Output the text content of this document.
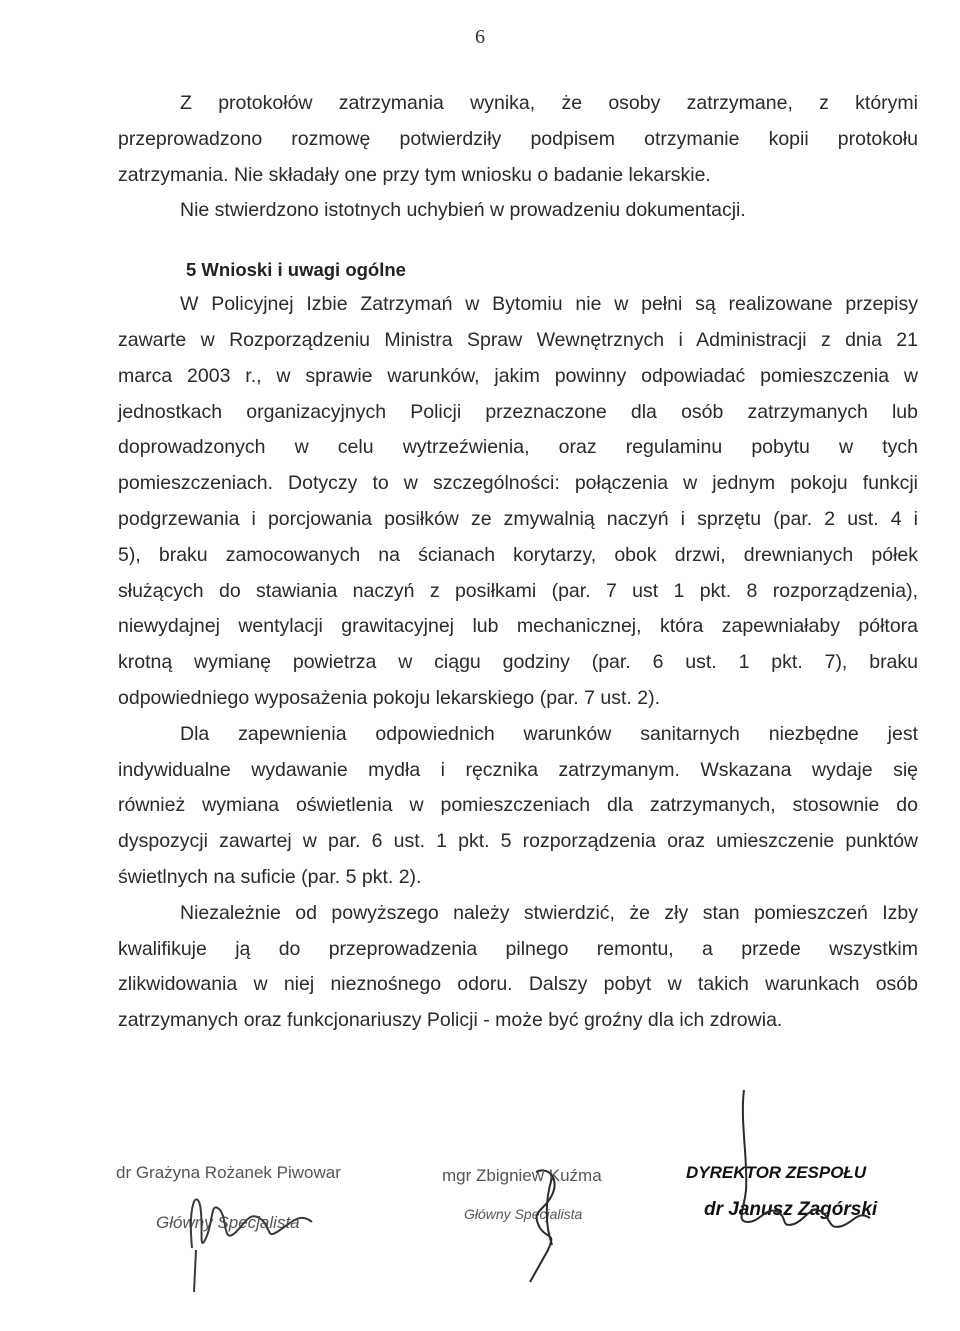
6
Z protokołów zatrzymania wynika, że osoby zatrzymane, z którymi
przeprowadzono rozmowę potwierdziły podpisem otrzymanie kopii protokołu
zatrzymania. Nie składały one przy tym wniosku o badanie lekarskie.
Nie stwierdzono istotnych uchybień w prowadzeniu dokumentacji.
5 Wnioski i uwagi ogólne
W Policyjnej Izbie Zatrzymań w Bytomiu nie w pełni są realizowane przepisy
zawarte w Rozporządzeniu Ministra Spraw Wewnętrznych i Administracji z dnia 21
marca 2003 r., w sprawie warunków, jakim powinny odpowiadać pomieszczenia w
jednostkach organizacyjnych Policji przeznaczone dla osób zatrzymanych lub
doprowadzonych w celu wytrzeźwienia, oraz regulaminu pobytu w tych
pomieszczeniach. Dotyczy to w szczególności: połączenia w jednym pokoju funkcji
podgrzewania i porcjowania posiłków ze zmywalnią naczyń i sprzętu (par. 2 ust. 4 i
5), braku zamocowanych na ścianach korytarzy, obok drzwi, drewnianych półek
służących do stawiania naczyń z posiłkami (par. 7 ust 1 pkt. 8 rozporządzenia),
niewydajnej wentylacji grawitacyjnej lub mechanicznej, która zapewniałaby półtora
krotną wymianę powietrza w ciągu godziny (par. 6 ust. 1 pkt. 7), braku
odpowiedniego wyposażenia pokoju lekarskiego (par. 7 ust. 2).
Dla zapewnienia odpowiednich warunków sanitarnych niezbędne jest
indywidualne wydawanie mydła i ręcznika zatrzymanym. Wskazana wydaje się
również wymiana oświetlenia w pomieszczeniach dla zatrzymanych, stosownie do
dyspozycji zawartej w par. 6 ust. 1 pkt. 5 rozporządzenia oraz umieszczenie punktów
świetlnych na suficie (par. 5 pkt. 2).
Niezależnie od powyższego należy stwierdzić, że zły stan pomieszczeń Izby
kwalifikuje ją do przeprowadzenia pilnego remontu, a przede wszystkim
zlikwidowania w niej nieznośnego odoru. Dalszy pobyt w takich warunkach osób
zatrzymanych oraz funkcjonariuszy Policji - może być groźny dla ich zdrowia.
dr Grażyna Rożanek Piwowar
Główny Specjalista
mgr Zbigniew Kuźma
Główny Specjalista
DYREKTOR ZESPOŁU
dr Janusz Zagórski
